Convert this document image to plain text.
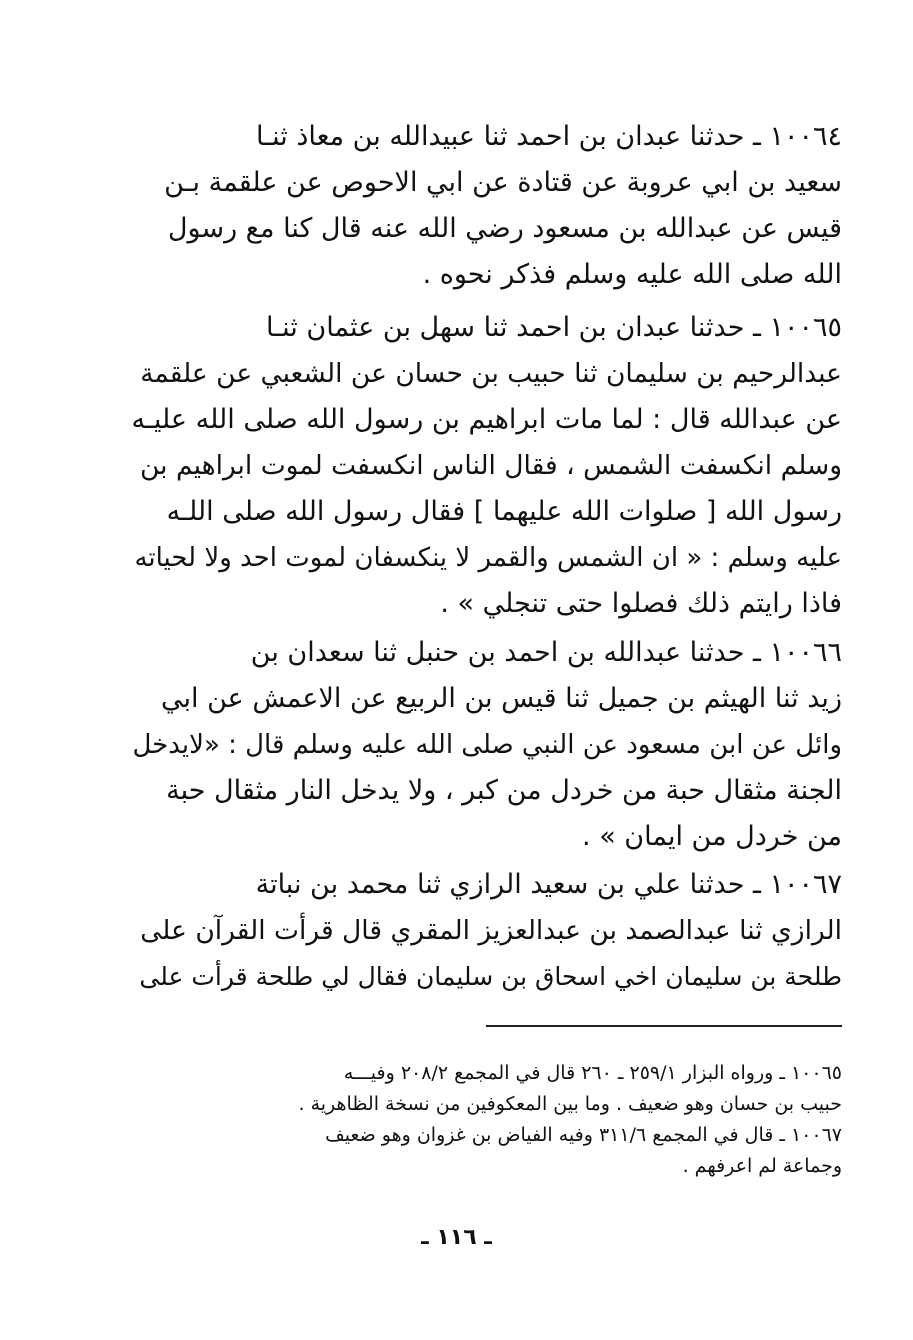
١٠٠٦٤ ـ حدثنا عبدان بن احمد ثنا عبيدالله بن معاذ ثنـا
سعيد بن ابي عروبة عن قتادة عن ابي الاحوص عن علقمة بـن
قيس عن عبدالله بن مسعود رضي الله عنه قال كنا مع رسول
الله صلى الله عليه وسلم فذكر نحوه .
١٠٠٦٥ ـ حدثنا عبدان بن احمد ثنا سهل بن عثمان ثنـا
عبدالرحيم بن سليمان ثنا حبيب بن حسان عن الشعبي عن علقمة
عن عبدالله قال : لما مات ابراهيم بن رسول الله صلى الله عليـه
وسلم انكسفت الشمس ، فقال الناس انكسفت لموت ابراهيم بن
رسول الله [ صلوات الله عليهما ] فقال رسول الله صلى اللـه
عليه وسلم : « ان الشمس والقمر لا ينكسفان لموت احد ولا لحياته
فاذا رايتم ذلك فصلوا حتى تنجلي » .
١٠٠٦٦ ـ حدثنا عبدالله بن احمد بن حنبل ثنا سعدان بن
زيد ثنا الهيثم بن جميل ثنا قيس بن الربيع عن الاعمش عن ابي
وائل عن ابن مسعود عن النبي صلى الله عليه وسلم قال : «لايدخل
الجنة مثقال حبة من خردل من كبر ، ولا يدخل النار مثقال حبة
من خردل من ايمان » .
١٠٠٦٧ ـ حدثنا علي بن سعيد الرازي ثنا محمد بن نباتة
الرازي ثنا عبدالصمد بن عبدالعزيز المقري قال قرأت القرآن على
طلحة بن سليمان اخي اسحاق بن سليمان فقال لي طلحة قرأت على
١٠٠٦٥ ـ ورواه البزار ٢٥٩/١ ـ ٢٦٠ قال في المجمع ٢٠٨/٢ وفيـــه
حبيب بن حسان وهو ضعيف . وما بين المعكوفين من نسخة الظاهرية .
١٠٠٦٧ ـ قال في المجمع ٣١١/٦ وفيه الفياض بن غزوان وهو ضعيف
وجماعة لم اعرفهم .
ـ ١١٦ ـ
